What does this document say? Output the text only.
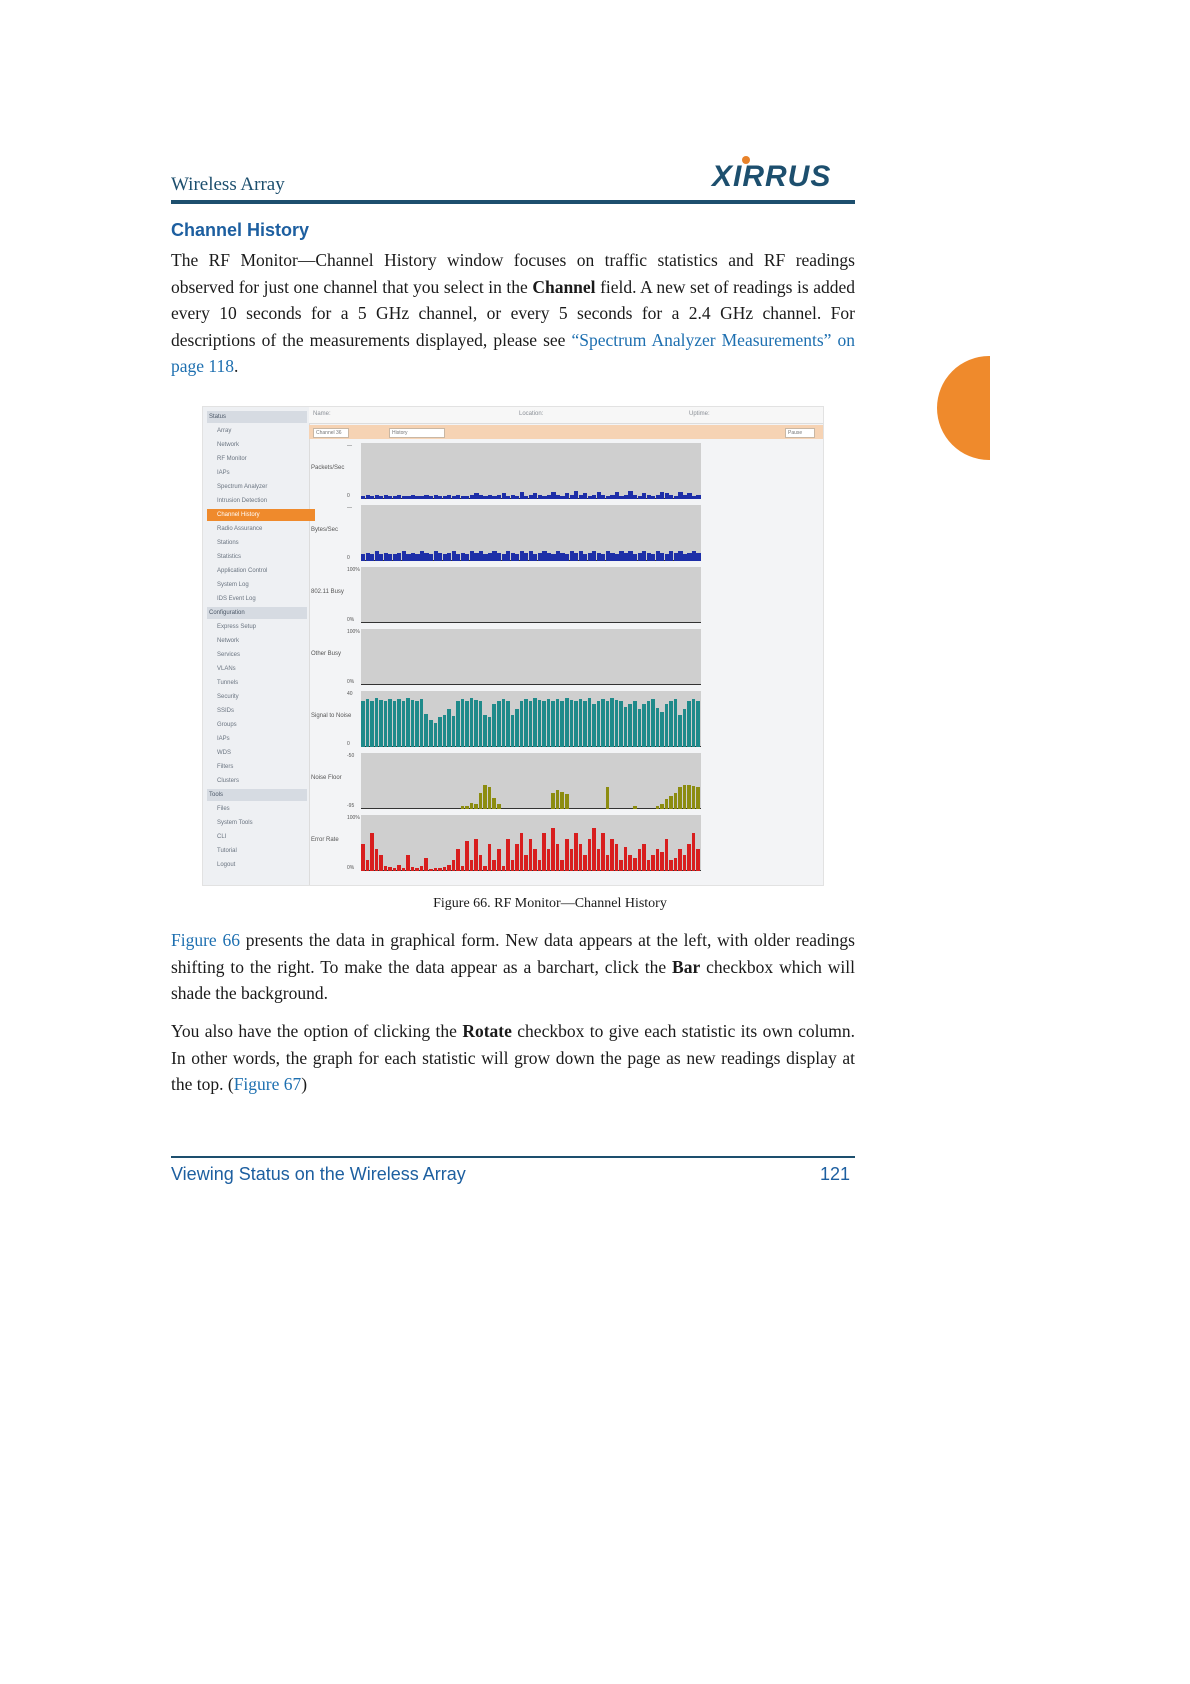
Wireless Array	XIRRUS
Channel History
The RF Monitor—Channel History window focuses on traffic statistics and RF readings observed for just one channel that you select in the Channel field. A new set of readings is added every 10 seconds for a 5 GHz channel, or every 5 seconds for a 2.4 GHz channel. For descriptions of the measurements displayed, please see “Spectrum Analyzer Measurements” on page 118.
Status
Array
Network
RF Monitor
IAPs
Spectrum Analyzer
Intrusion Detection
Channel History
Radio Assurance
Stations
Statistics
Application Control
System Log
IDS Event Log
Configuration
Express Setup
Network
Services
VLANs
Tunnels
Security
SSIDs
Groups
IAPs
WDS
Filters
Clusters
Tools
Files
System Tools
CLI
Tutorial
Logout
Name:	Location:	Uptime:
Channel 36	History	Pause
Packets/Sec
—
0
Bytes/Sec
—
0
802.11 Busy
100%
0%
Other Busy
100%
0%
Signal to Noise
40
0
Noise Floor
-50
-95
Error Rate
100%
0%
Figure 66. RF Monitor—Channel History
Figure 66 presents the data in graphical form. New data appears at the left, with older readings shifting to the right. To make the data appear as a barchart, click the Bar checkbox which will shade the background.
You also have the option of clicking the Rotate checkbox to give each statistic its own column. In other words, the graph for each statistic will grow down the page as new readings display at the top. (Figure 67)
Viewing Status on the Wireless Array	121
